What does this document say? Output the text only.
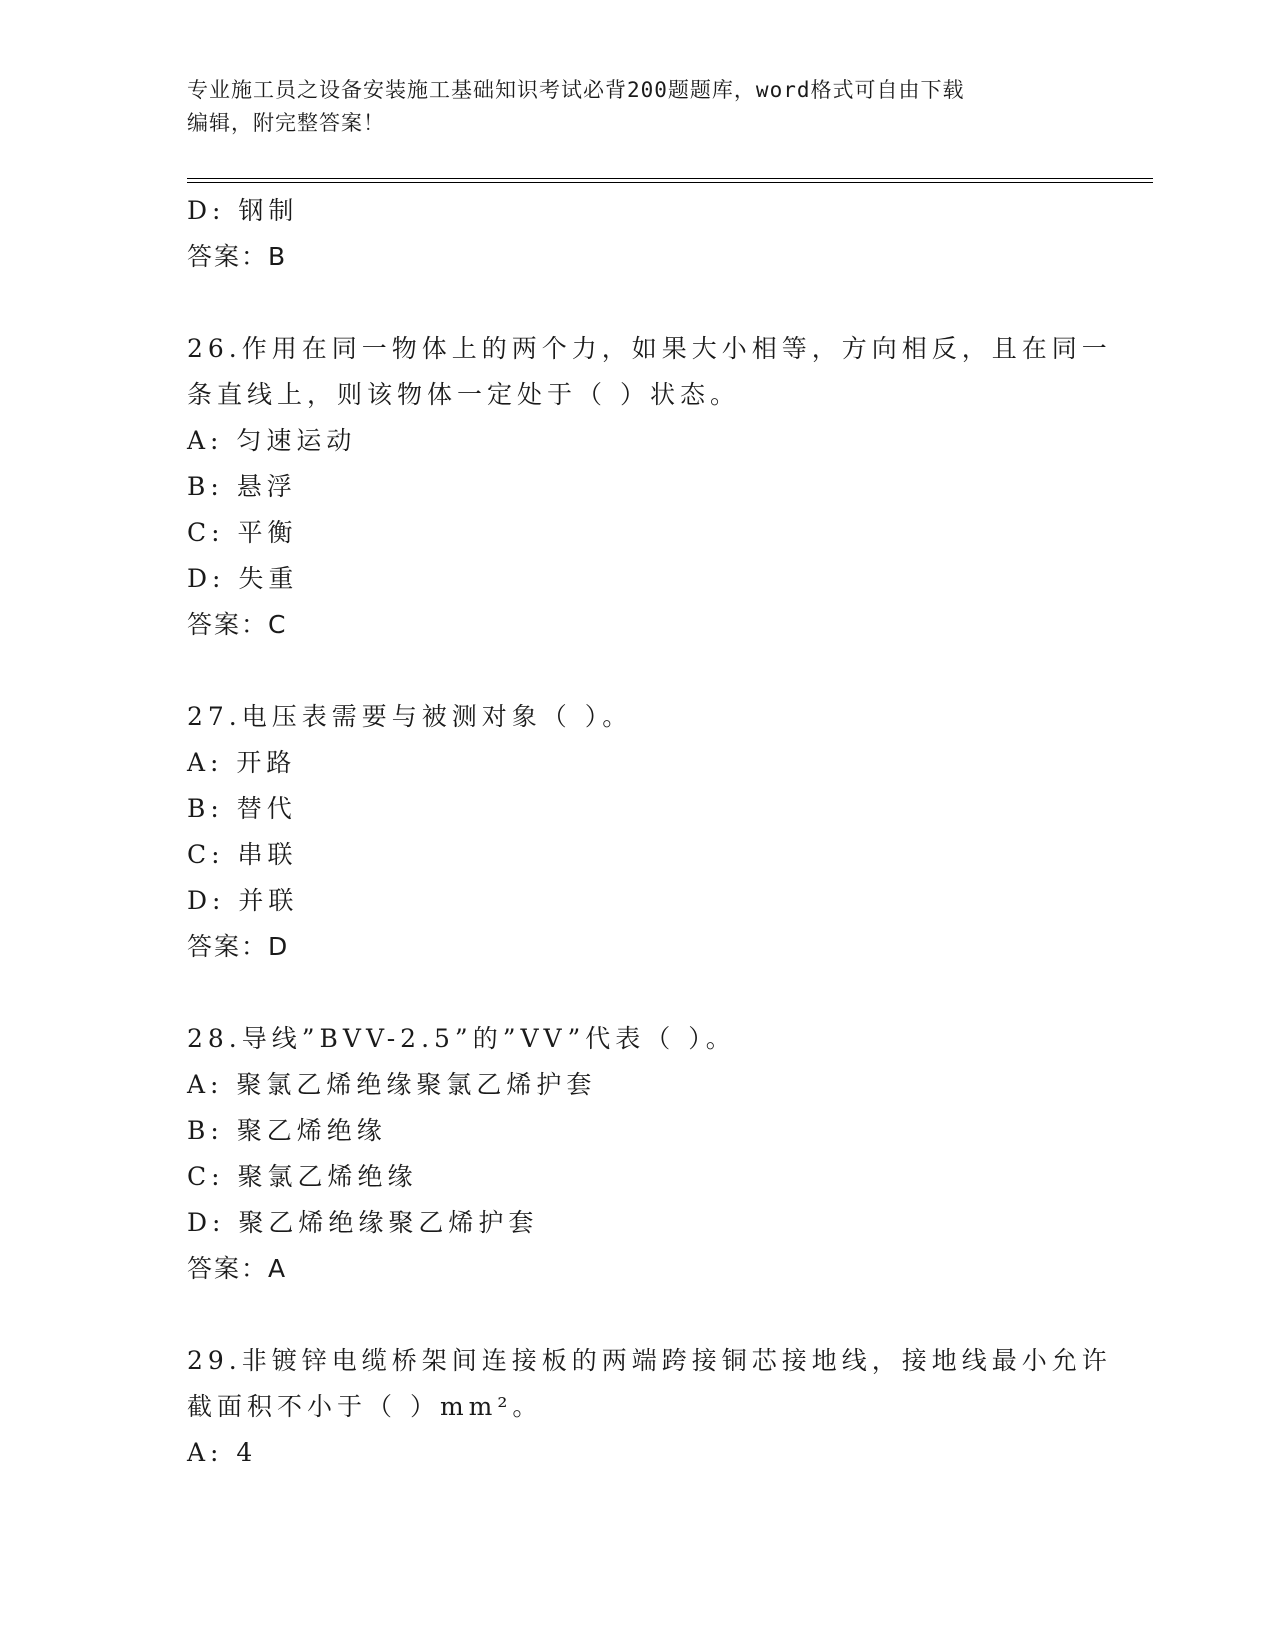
专业施工员之设备安装施工基础知识考试必背200题题库，word格式可自由下载
编辑，附完整答案！
D: 钢制
答案：B
26.作用在同一物体上的两个力，如果大小相等，方向相反，且在同一
条直线上，则该物体一定处于（ ）状态。
A: 匀速运动
B: 悬浮
C: 平衡
D: 失重
答案：C
27.电压表需要与被测对象（ ）。
A: 开路
B: 替代
C: 串联
D: 并联
答案：D
28.导线”BVV-2.5”的”VV”代表（ ）。
A: 聚氯乙烯绝缘聚氯乙烯护套
B: 聚乙烯绝缘
C: 聚氯乙烯绝缘
D: 聚乙烯绝缘聚乙烯护套
答案：A
29.非镀锌电缆桥架间连接板的两端跨接铜芯接地线，接地线最小允许
截面积不小于（ ）mm²。
A: 4
